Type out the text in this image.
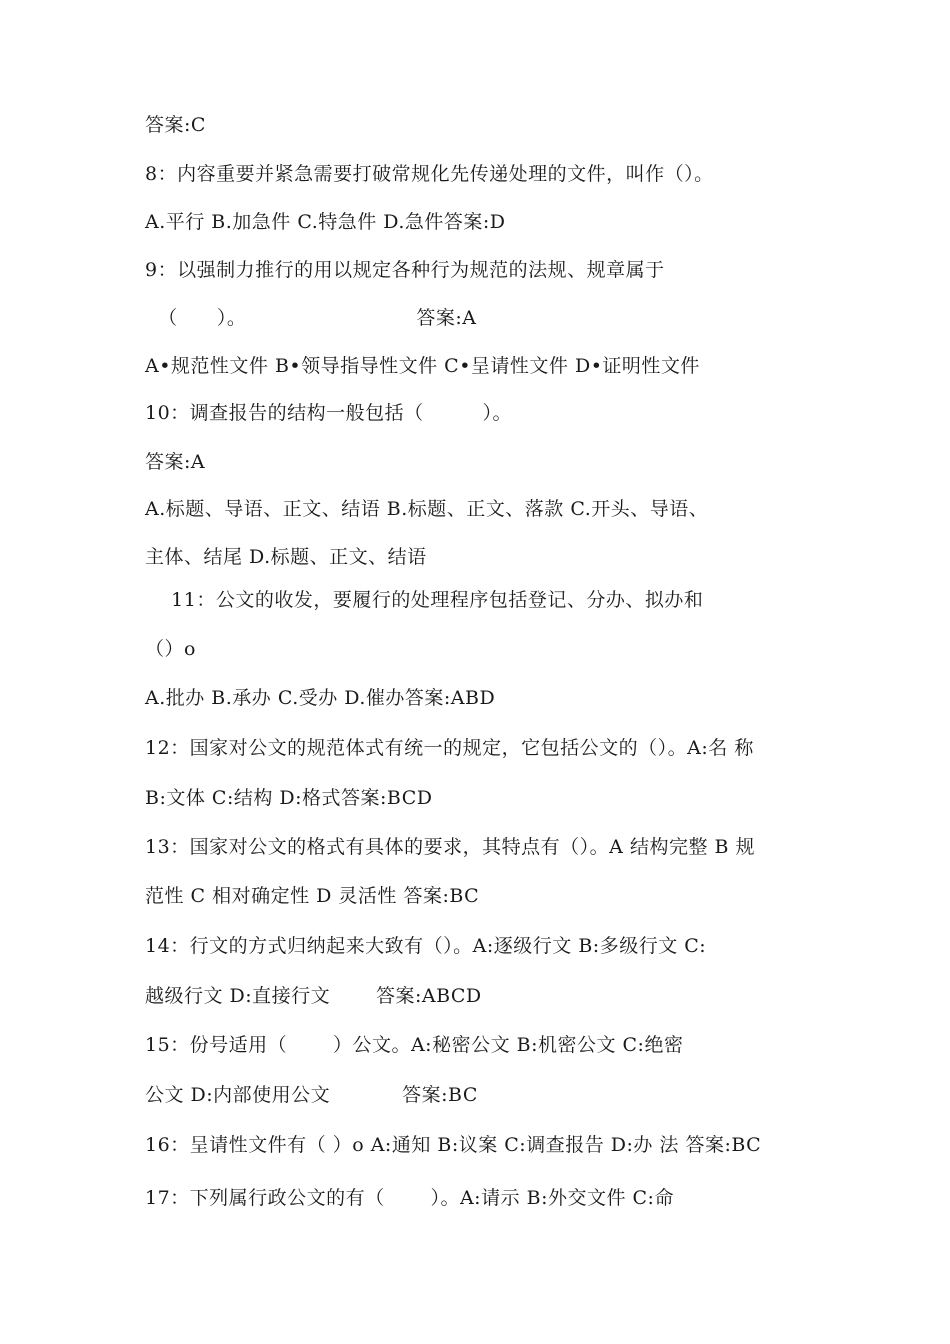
答案:C
8：内容重要并紧急需要打破常规化先传递处理的文件，叫作（）。
A.平行 B.加急件 C.特急件 D.急件答案:D
9：以强制力推行的用以规定各种行为规范的法规、规章属于
（      ）。                          答案:A
A•规范性文件 B•领导指导性文件 C•呈请性文件 D•证明性文件
10：调查报告的结构一般包括（         ）。
答案:A
A.标题、导语、正文、结语 B.标题、正文、落款 C.开头、导语、
主体、结尾 D.标题、正文、结语
11：公文的收发，要履行的处理程序包括登记、分办、拟办和
（）o
A.批办 B.承办 C.受办 D.催办答案:ABD
12：国家对公文的规范体式有统一的规定，它包括公文的（）。A:名 称
B:文体 C:结构 D:格式答案:BCD
13：国家对公文的格式有具体的要求，其特点有（）。A 结构完整 B 规
范性 C 相对确定性 D 灵活性 答案:BC
14：行文的方式归纳起来大致有（）。A:逐级行文 B:多级行文 C:
越级行文 D:直接行文       答案:ABCD
15：份号适用（       ）公文。A:秘密公文 B:机密公文 C:绝密
公文 D:内部使用公文           答案:BC
16：呈请性文件有（ ）o A:通知 B:议案 C:调查报告 D:办 法 答案:BC
17：下列属行政公文的有（       ）。A:请示 B:外交文件 C:命
